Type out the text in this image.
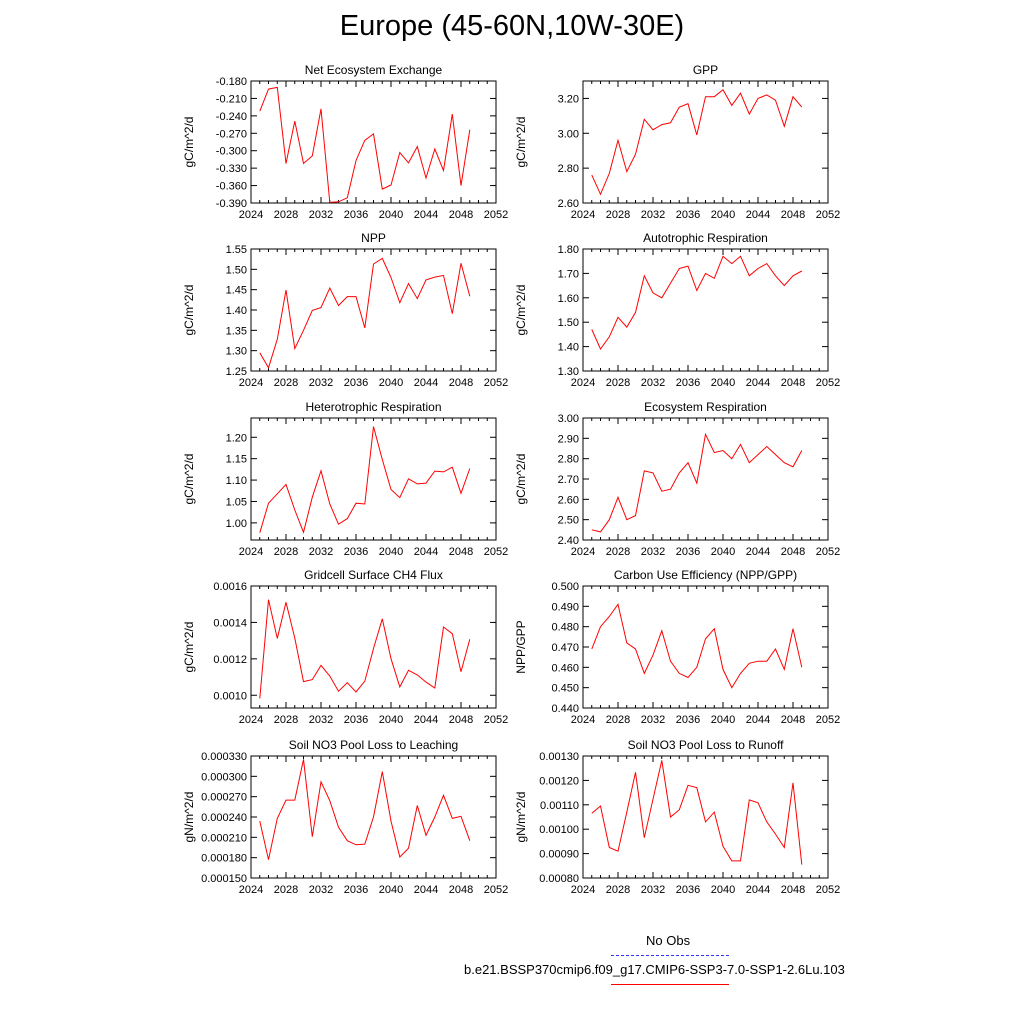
Europe (45-60N,10W-30E)
Net Ecosystem Exchange
gC/m^2/d
2024 2028 2032 2036 2040 2044 2048 2052
-0.390
-0.360
-0.330
-0.300
-0.270
-0.240
-0.210
-0.180
GPP
gC/m^2/d
2024 2028 2032 2036 2040 2044 2048 2052
2.60
2.80
3.00
3.20
NPP
gC/m^2/d
2024 2028 2032 2036 2040 2044 2048 2052
1.25
1.30
1.35
1.40
1.45
1.50
1.55
Autotrophic Respiration
gC/m^2/d
2024 2028 2032 2036 2040 2044 2048 2052
1.30
1.40
1.50
1.60
1.70
1.80
Heterotrophic Respiration
gC/m^2/d
2024 2028 2032 2036 2040 2044 2048 2052
1.00
1.05
1.10
1.15
1.20
Ecosystem Respiration
gC/m^2/d
2024 2028 2032 2036 2040 2044 2048 2052
2.40
2.50
2.60
2.70
2.80
2.90
3.00
Gridcell Surface CH4 Flux
gC/m^2/d
2024 2028 2032 2036 2040 2044 2048 2052
0.0010
0.0012
0.0014
0.0016
Carbon Use Efficiency (NPP/GPP)
NPP/GPP
2024 2028 2032 2036 2040 2044 2048 2052
0.440
0.450
0.460
0.470
0.480
0.490
0.500
Soil NO3 Pool Loss to Leaching
gN/m^2/d
2024 2028 2032 2036 2040 2044 2048 2052
0.000150
0.000180
0.000210
0.000240
0.000270
0.000300
0.000330
Soil NO3 Pool Loss to Runoff
gN/m^2/d
2024 2028 2032 2036 2040 2044 2048 2052
0.00080
0.00090
0.00100
0.00110
0.00120
0.00130
No Obs
b.e21.BSSP370cmip6.f09_g17.CMIP6-SSP3-7.0-SSP1-2.6Lu.103
